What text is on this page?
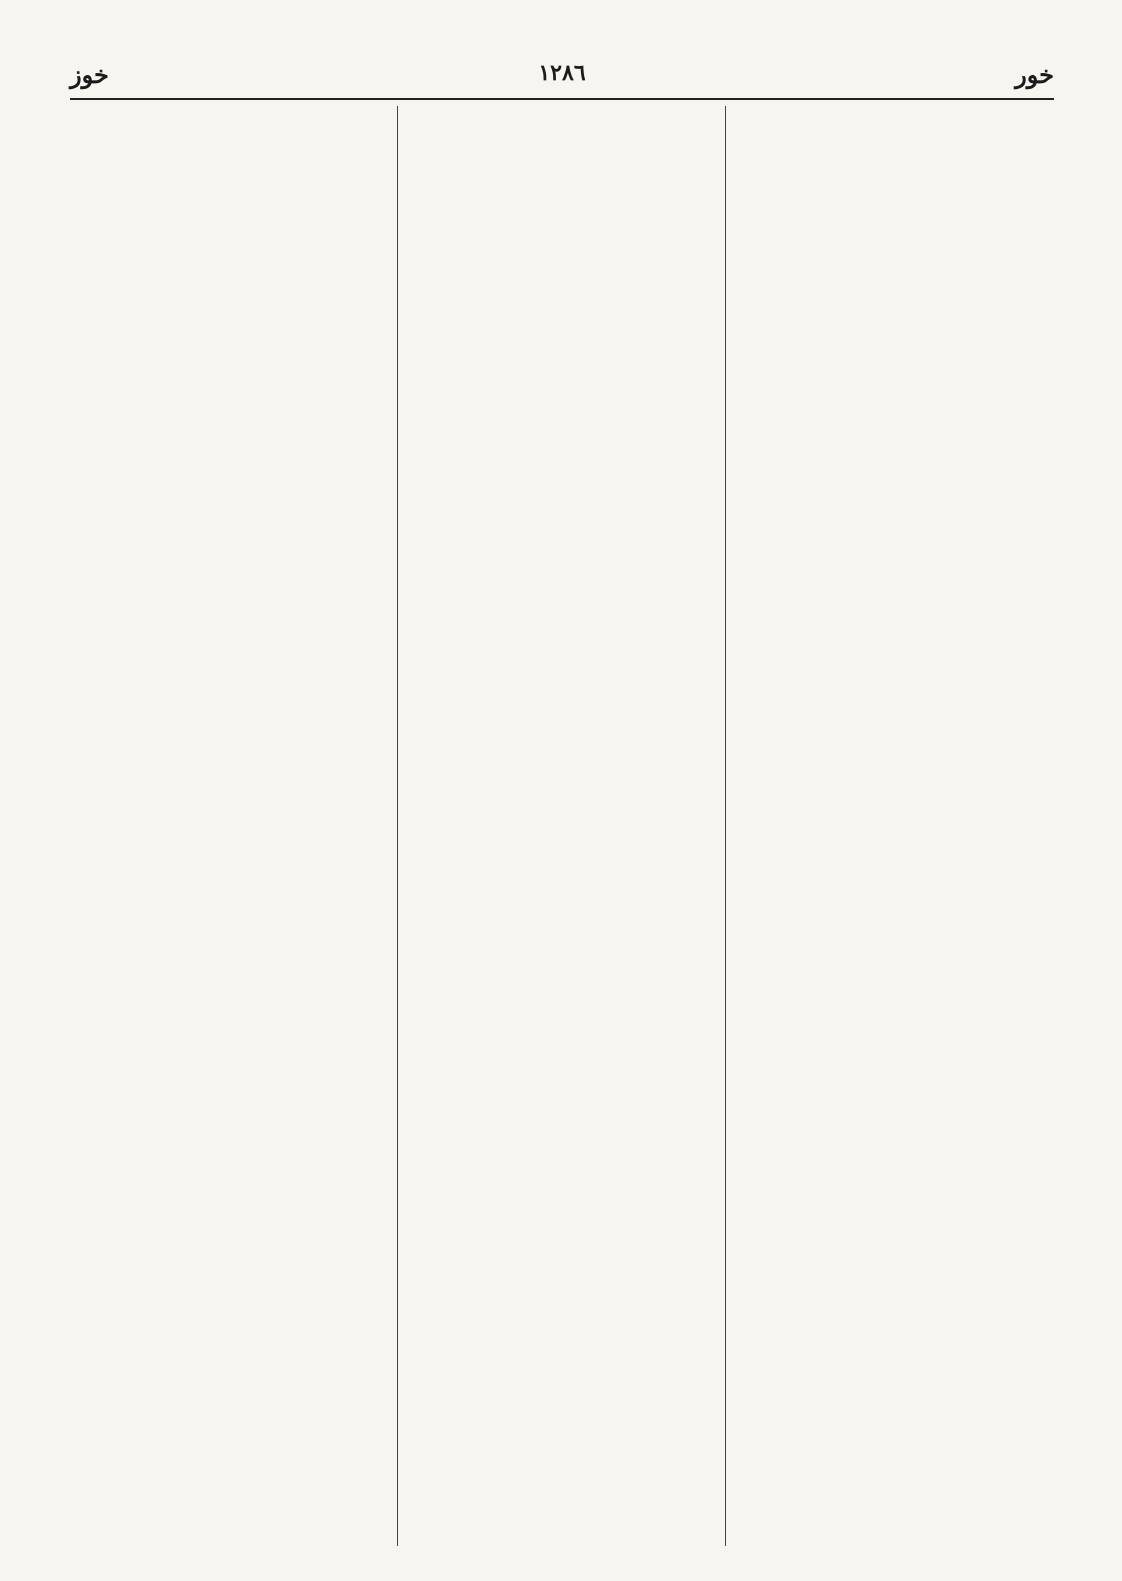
خور
١٢٨٦
خوز
